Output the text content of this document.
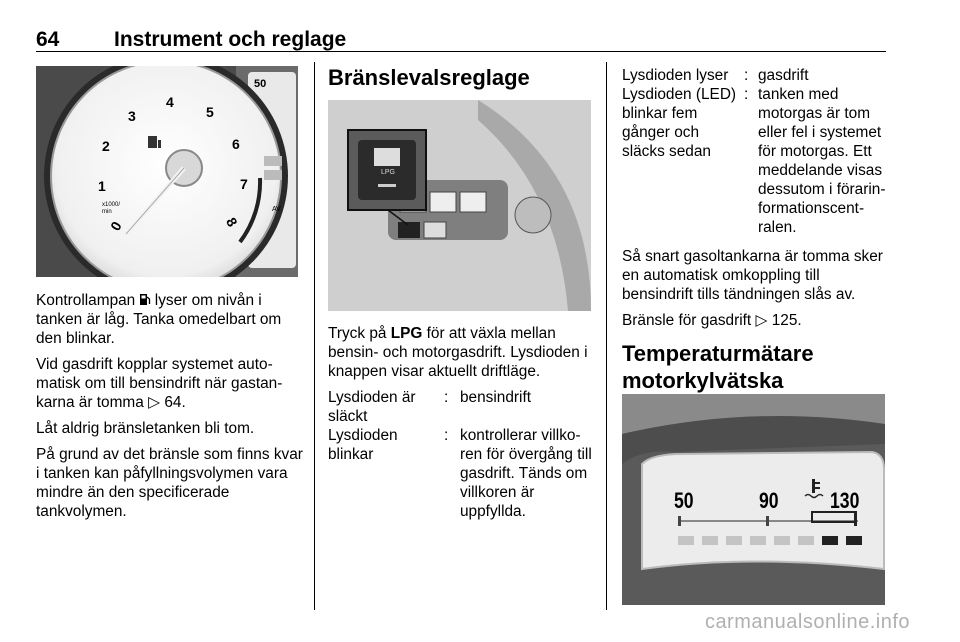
64	Instrument och reglage
0
1
2
3
4
5
6
7
8
x1000/ min
50
AV

Kontrollampan  lyser om nivån i tanken är låg. Tanka omedelbart om den blinkar.

Vid gasdrift kopplar systemet automatisk om till bensindrift när gastankarna är tomma ▷ 64.

Låt aldrig bränsletanken bli tom.

På grund av det bränsle som finns kvar i tanken kan påfyllningsvolymen vara mindre än den specificerade tankvolymen.

Bränslevalsreglage
LPG

Tryck på LPG för att växla mellan bensin- och motorgasdrift. Lysdioden i knappen visar aktuellt driftläge.

Lysdioden är släckt
: bensindrift
Lysdioden blinkar
: kontrollerar villkoren för övergång till gasdrift. Tänds om villkoren är uppfyllda.
Lysdioden lyser	: gasdrift
Lysdioden (LED) blinkar fem gånger och släcks sedan
: tanken med motorgas är tom eller fel i systemet för motorgas. Ett meddelande visas dessutom i förarinformationscentralen.

Så snart gasoltankarna är tomma sker en automatisk omkoppling till bensindrift tills tändningen slås av.

Bränsle för gasdrift ▷ 125.

Temperaturmätare motorkylvätska
50	90 130
carmanualsonline.info
